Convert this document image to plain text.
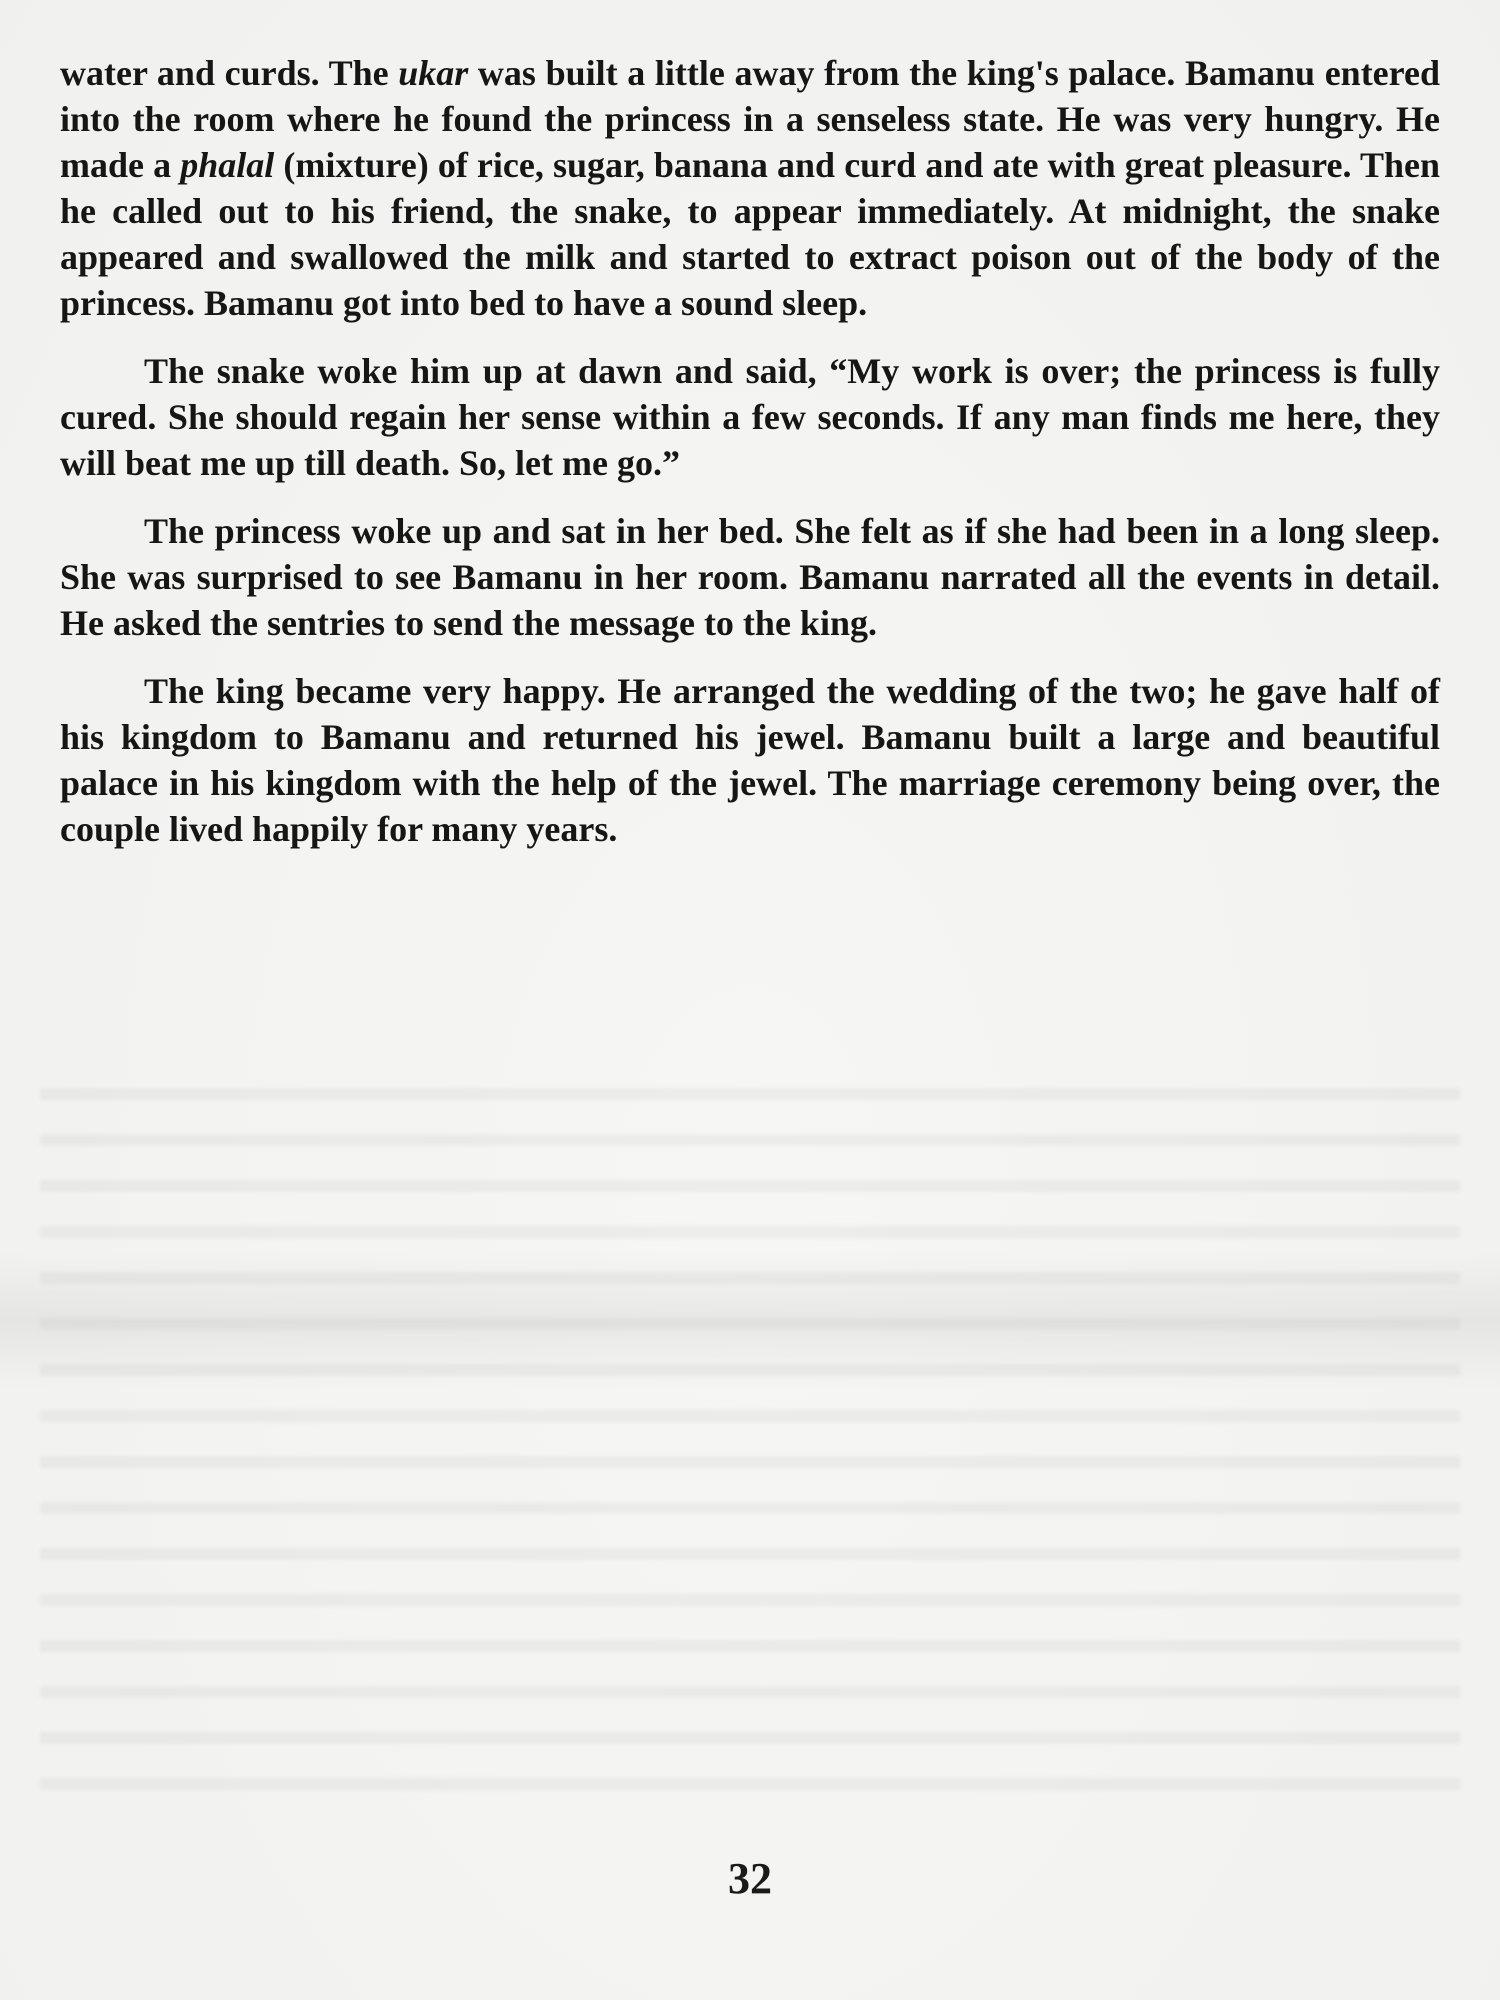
water and curds. The ukar was built a little away from the king's palace. Bamanu entered into the room where he found the princess in a senseless state. He was very hungry. He made a phalal (mixture) of rice, sugar, banana and curd and ate with great pleasure. Then he called out to his friend, the snake, to appear immediately. At midnight, the snake appeared and swallowed the milk and started to extract poison out of the body of the princess. Bamanu got into bed to have a sound sleep.

The snake woke him up at dawn and said, “My work is over; the princess is fully cured. She should regain her sense within a few seconds. If any man finds me here, they will beat me up till death. So, let me go.”

The princess woke up and sat in her bed. She felt as if she had been in a long sleep. She was surprised to see Bamanu in her room. Bamanu narrated all the events in detail. He asked the sentries to send the message to the king.

The king became very happy. He arranged the wedding of the two; he gave half of his kingdom to Bamanu and returned his jewel. Bamanu built a large and beautiful palace in his kingdom with the help of the jewel. The marriage ceremony being over, the couple lived happily for many years.

32
